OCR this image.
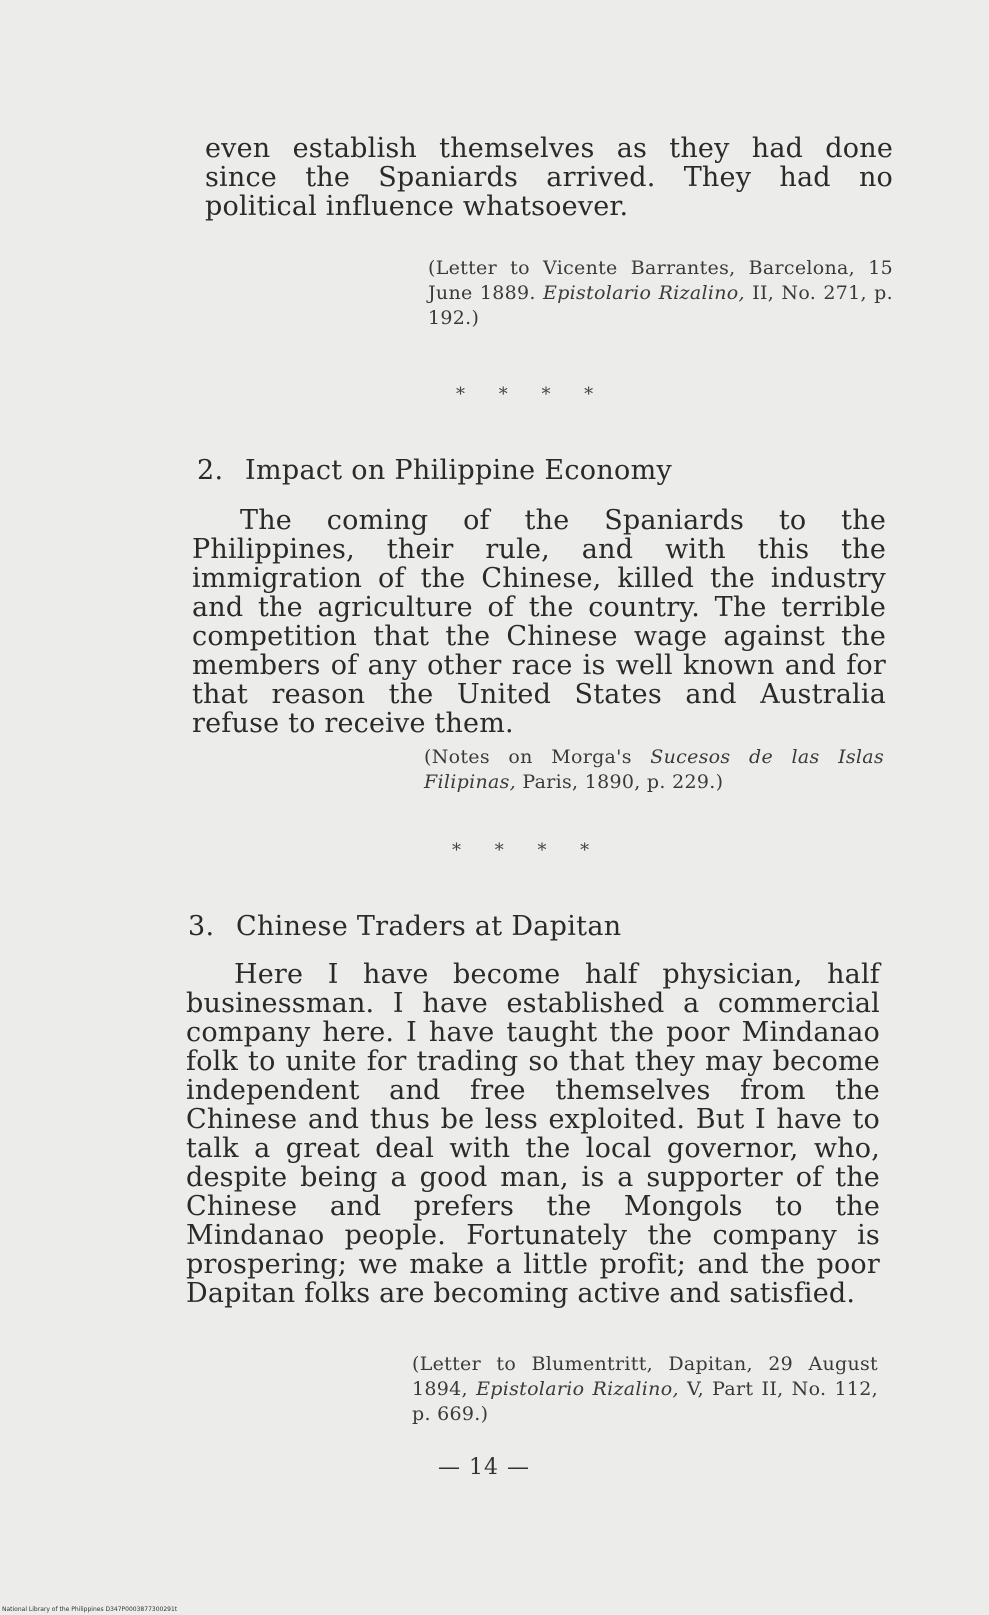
even establish themselves as they had done since the Spaniards arrived. They had no political influence whatsoever.

(Letter to Vicente Barrantes, Barcelona, 15 June 1889. Epistolario Rizalino, II, No. 271, p. 192.)

* * * *
2. Impact on Philippine Economy

The coming of the Spaniards to the Philippines, their rule, and with this the immigration of the Chinese, killed the industry and the agriculture of the country. The terrible competition that the Chinese wage against the members of any other race is well known and for that reason the United States and Australia refuse to receive them.

(Notes on Morga's Sucesos de las Islas Filipinas, Paris, 1890, p. 229.)

* * * *
3. Chinese Traders at Dapitan

Here I have become half physician, half businessman. I have established a commercial company here. I have taught the poor Mindanao folk to unite for trading so that they may become independent and free themselves from the Chinese and thus be less exploited. But I have to talk a great deal with the local governor, who, despite being a good man, is a supporter of the Chinese and prefers the Mongols to the Mindanao people. Fortunately the company is prospering; we make a little profit; and the poor Dapitan folks are becoming active and satisfied.

(Letter to Blumentritt, Dapitan, 29 August 1894, Epistolario Rizalino, V, Part II, No. 112, p. 669.)

— 14 —
National Library of the Philippines D347P0003877300291t
